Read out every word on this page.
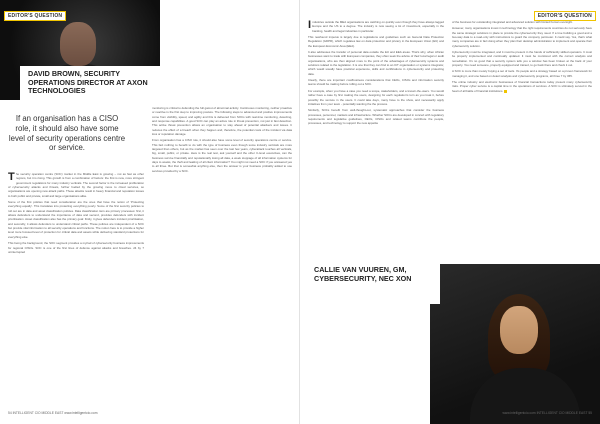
EDITOR'S QUESTION
DAVID BROWN, SECURITY OPERATIONS DIRECTOR AT AXON TECHNOLOGIES
If an organisation has a CISO role, it should also have some level of security operations centre or service.

The security operation centre (SOC) market in the Middle East is growing – not as fast as other regions, but it is rising. This growth is from a combination of factors: the first is new, more stringent government regulations for many industry verticals. The second factor is the increased proliferation of cybersecurity attacks and threats, further fuelled by the growing move to cloud services, so organisations are opening new attack paths. These attacks result in heavy financial and reputation losses to both public and private, small and large organisations alike.

Some of the first policies that need consideration are the ones that have the notion of 'Protecting everything equally'. This translates into protecting everything poorly. Some of the first security policies to roll out are in data and asset classification policies. Data classification tiers are primary processes: first, it allows defenders to understand the importance of data and second, provides defenders with incident prioritisation. Asset classification also has the primary goal: firstly, it gives defenders incident prioritisation, and secondly, it allows defenders to understand critical paths. These policies are independent of a SOC but provide vital information to all security operations and functions. The notion here is to provide a higher level more focused level of protection for critical data and assets while delivering standard protections for everything else.

This being the background, the SOC segment provides a myriad of cybersecurity business improvements for regional CISOs. SOC is one of the first lines of defence against attacks and breaches. 24 by 7 uninterrupted

monitoring is critical to defending the full gamut of abnormal activity. Continuous monitoring, neither proactive or reactive is the first step to improving posture. The following steps to advanced and positive improvements come from visibility, speed, and agility and this is delivered from SOCs with real-time monitoring, detecting, and response capabilities. A good SOC can play an active role in threat prevention, not just in fast detection. This active threat prevention allows an organisation to stay ahead of potential attackers and issues. It reduces the effect of a breach when they happen and, therefore, the potential costs of the incident via data loss or reputation damage.

From organisation has a CISO role, it should also have some level of security operations centre or service. This fact nothing to benefit to do with the type of business even though some industry verticals are more targeted than others, but as the market has seen over the last few years, cyberattack touches all verticals, big, small, public, or private. Here is the real test, ask yourself and the other C-level executives, can the business survive financially and reputationally losing all data, a week stoppage of all information systems for days to weeks, the theft and leaking of all client information? You might not need a SOC if you answered yes to all three. But that is somewhat anything else, then the answer is your business probably added to use services provided by a SOC.

54 INTELLIGENT CIO MIDDLE EAST www.intelligentcio.com
EDITOR'S QUESTION

Industries outside the MEA organisations are catching on quickly even though they have always lagged Europe and the US to a degree. The industry is now seeing a lot of investment, especially in the banking, health and legal industries in particular.

This newfound impetus is largely due to legislations and guidelines such as General Data Protection Regulation (GDPR), which regulates law on data protection and privacy in the European Union (EU) and the European Economic Area (EEA).

It also addresses the transfer of personal data outside the EU and EEA areas. That's why, when African businesses want to trade with European companies, they often seek the advice of their local legal or audit organisations, who are then aligned more to the point of the advantages of cybersecurity systems and solutions related to the legislation. It is one that they can find to an ICT organisation or systems integrator, which would usually have practical experience, skills and certifications in cybersecurity and protecting data.

Clearly, there are important cost/business considerations that CEOs, CISOs and information security teams should be making before rolling out a SOC.

For example, when you have a case you need a scope, stakeholders, and a known-the-users. You would rather have a case by first making the users, designing for each regulation's turn as you treat it, before possibly the venture in the users. It could take days, many have to the show, and necessarily apply initiatives from your team - potentially wanting the the process.

Similarly, SOCs benefit from well-thought-out, systematic approaches that consider the business processes, personnel, markets and infrastructure. Whether SOCs are developed in concert with regulatory requirements and legislative guidelines, CEOs, CISOs and related teams contribute the people, processes, and technology to support the new appetite

of the business for outstanding integrated and advanced solution with limited human oversight.

However, many organisations invest in technology that the right requirements countries do not seriously have the same strategic solutions in place to provide the cybersecurity they need. If a true building a good and a two-way data to a read-only with instructions to guard the company perimeter. It could say. Yes, that's what many companies are in fact doing when they plan their desktop administration to implement and operate their cybersecurity solution.

Cybersecurity must be integrated, and it must be present in the hands of sufficiently skilled operators. It must be properly implemented and continually updated. It must be monitored with the correct analysis and remediation. It's no good that a security system tells you a window has been broken at the back of your property. You need someone, properly equipped and trained, to go back there and check it out.

A SOC is more than merely buying a set of tools. It's people and a strategy based on a proven framework for managing it, and one based on detect analysis and cybersecurity programs, all three 7 by 365.

The online industry and electronic businesses of financial transactions today present many cybersecurity risks. Proper cyber service is a capital time in the operations of services. A SOC is ultimately served in the heart of all battle of financial institutions.

CALLIE VAN VUUREN, GM, CYBERSECURITY, NEC XON
www.intelligentcio.com INTELLIGENT CIO MIDDLE EAST 55
